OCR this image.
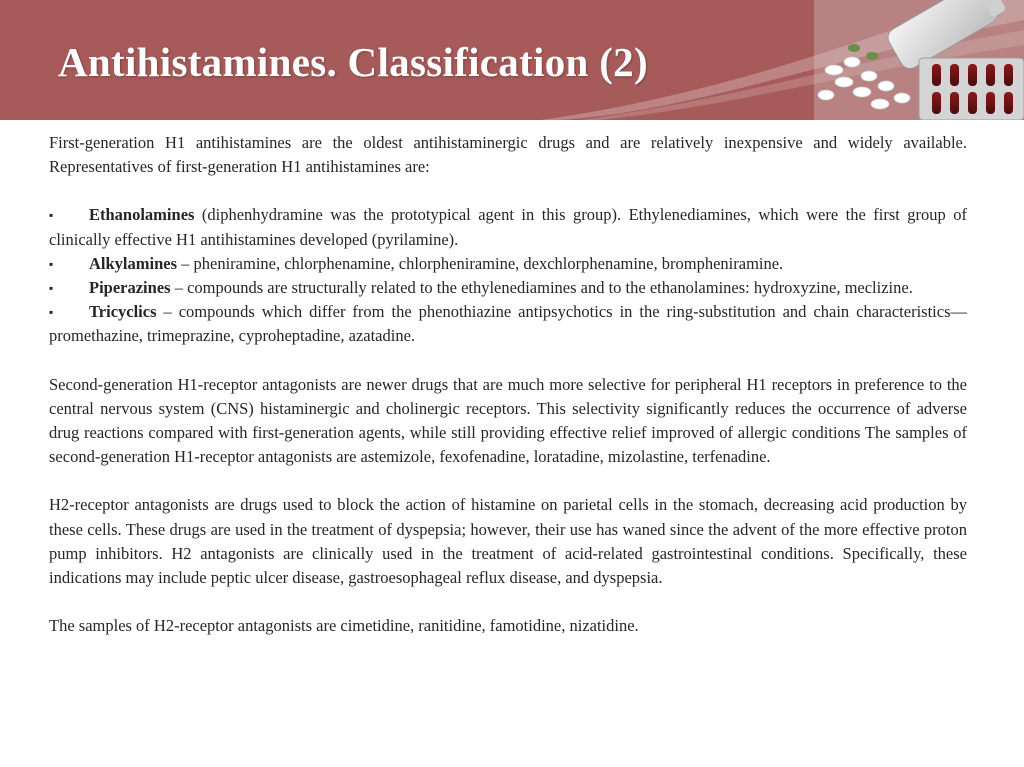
Antihistamines. Classification (2)

First-generation H1 antihistamines are the oldest antihistaminergic drugs and are relatively inexpensive and widely available. Representatives of first-generation H1 antihistamines are:

▪ Ethanolamines (diphenhydramine was the prototypical agent in this group). Ethylenediamines, which were the first group of clinically effective H1 antihistamines developed (pyrilamine).
▪ Alkylamines – pheniramine, chlorphenamine, chlorpheniramine, dexchlorphenamine, brompheniramine.
▪ Piperazines – compounds are structurally related to the ethylenediamines and to the ethanolamines: hydroxyzine, meclizine.
▪ Tricyclics – compounds which differ from the phenothiazine antipsychotics in the ring-substitution and chain characteristics—promethazine, trimeprazine, cyproheptadine, azatadine.

Second-generation H1-receptor antagonists are newer drugs that are much more selective for peripheral H1 receptors in preference to the central nervous system (CNS) histaminergic and cholinergic receptors. This selectivity significantly reduces the occurrence of adverse drug reactions compared with first-generation agents, while still providing effective relief improved of allergic conditions The samples of second-generation H1-receptor antagonists are astemizole, fexofenadine, loratadine, mizolastine, terfenadine.

H2-receptor antagonists are drugs used to block the action of histamine on parietal cells in the stomach, decreasing acid production by these cells. These drugs are used in the treatment of dyspepsia; however, their use has waned since the advent of the more effective proton pump inhibitors. H2 antagonists are clinically used in the treatment of acid-related gastrointestinal conditions. Specifically, these indications may include peptic ulcer disease, gastroesophageal reflux disease, and dyspepsia.

The samples of H2-receptor antagonists are cimetidine, ranitidine, famotidine, nizatidine.
